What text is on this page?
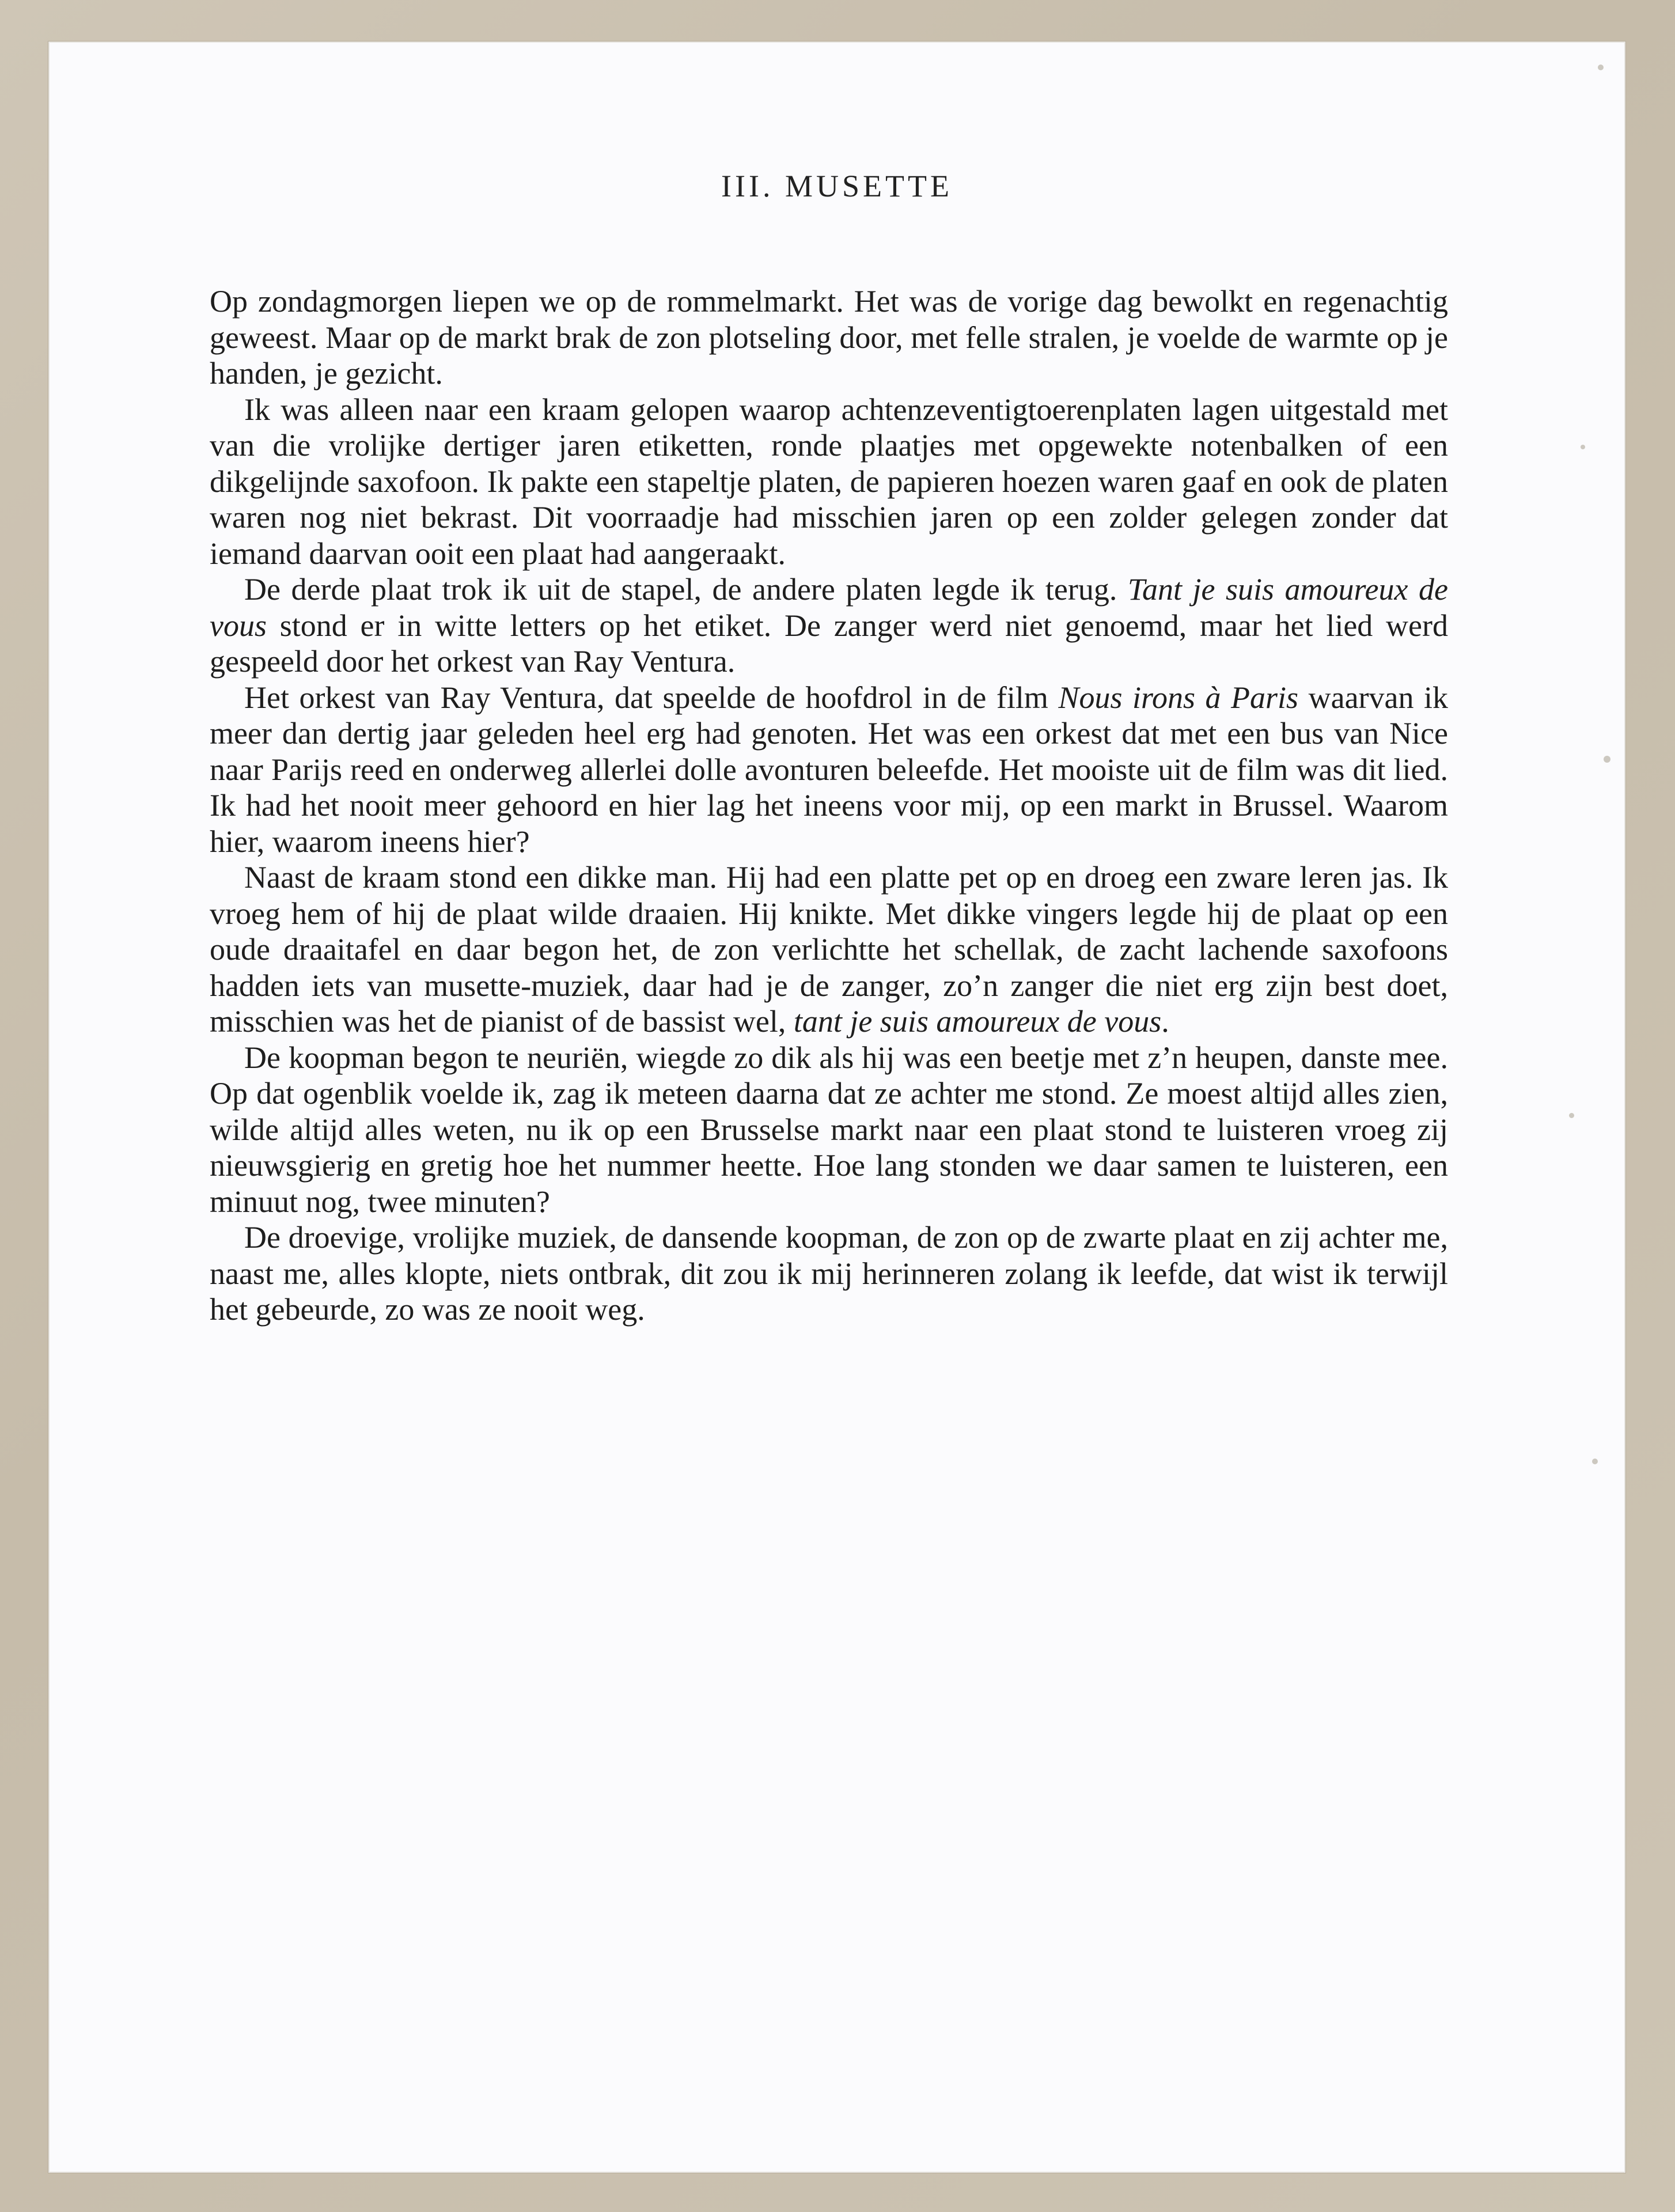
III. MUSETTE

Op zondagmorgen liepen we op de rommelmarkt. Het was de vorige dag bewolkt en regenachtig geweest. Maar op de markt brak de zon plotseling door, met felle stralen, je voelde de warmte op je handen, je gezicht.

Ik was alleen naar een kraam gelopen waarop achtenzeventigtoerenplaten lagen uitgestald met van die vrolijke dertiger jaren etiketten, ronde plaatjes met opgewekte notenbalken of een dikgelijnde saxofoon. Ik pakte een stapeltje platen, de papieren hoezen waren gaaf en ook de platen waren nog niet bekrast. Dit voorraadje had misschien jaren op een zolder gelegen zonder dat iemand daarvan ooit een plaat had aangeraakt.

De derde plaat trok ik uit de stapel, de andere platen legde ik terug. Tant je suis amoureux de vous stond er in witte letters op het etiket. De zanger werd niet genoemd, maar het lied werd gespeeld door het orkest van Ray Ventura.

Het orkest van Ray Ventura, dat speelde de hoofdrol in de film Nous irons à Paris waarvan ik meer dan dertig jaar geleden heel erg had genoten. Het was een orkest dat met een bus van Nice naar Parijs reed en onderweg allerlei dolle avonturen beleefde. Het mooiste uit de film was dit lied. Ik had het nooit meer gehoord en hier lag het ineens voor mij, op een markt in Brussel. Waarom hier, waarom ineens hier?

Naast de kraam stond een dikke man. Hij had een platte pet op en droeg een zware leren jas. Ik vroeg hem of hij de plaat wilde draaien. Hij knikte. Met dikke vingers legde hij de plaat op een oude draaitafel en daar begon het, de zon verlichtte het schellak, de zacht lachende saxofoons hadden iets van musette-muziek, daar had je de zanger, zo’n zanger die niet erg zijn best doet, misschien was het de pianist of de bassist wel, tant je suis amoureux de vous.

De koopman begon te neuriën, wiegde zo dik als hij was een beetje met z’n heupen, danste mee. Op dat ogenblik voelde ik, zag ik meteen daarna dat ze achter me stond. Ze moest altijd alles zien, wilde altijd alles weten, nu ik op een Brusselse markt naar een plaat stond te luisteren vroeg zij nieuwsgierig en gretig hoe het nummer heette. Hoe lang stonden we daar samen te luisteren, een minuut nog, twee minuten?

De droevige, vrolijke muziek, de dansende koopman, de zon op de zwarte plaat en zij achter me, naast me, alles klopte, niets ontbrak, dit zou ik mij herinneren zolang ik leefde, dat wist ik terwijl het gebeurde, zo was ze nooit weg.
